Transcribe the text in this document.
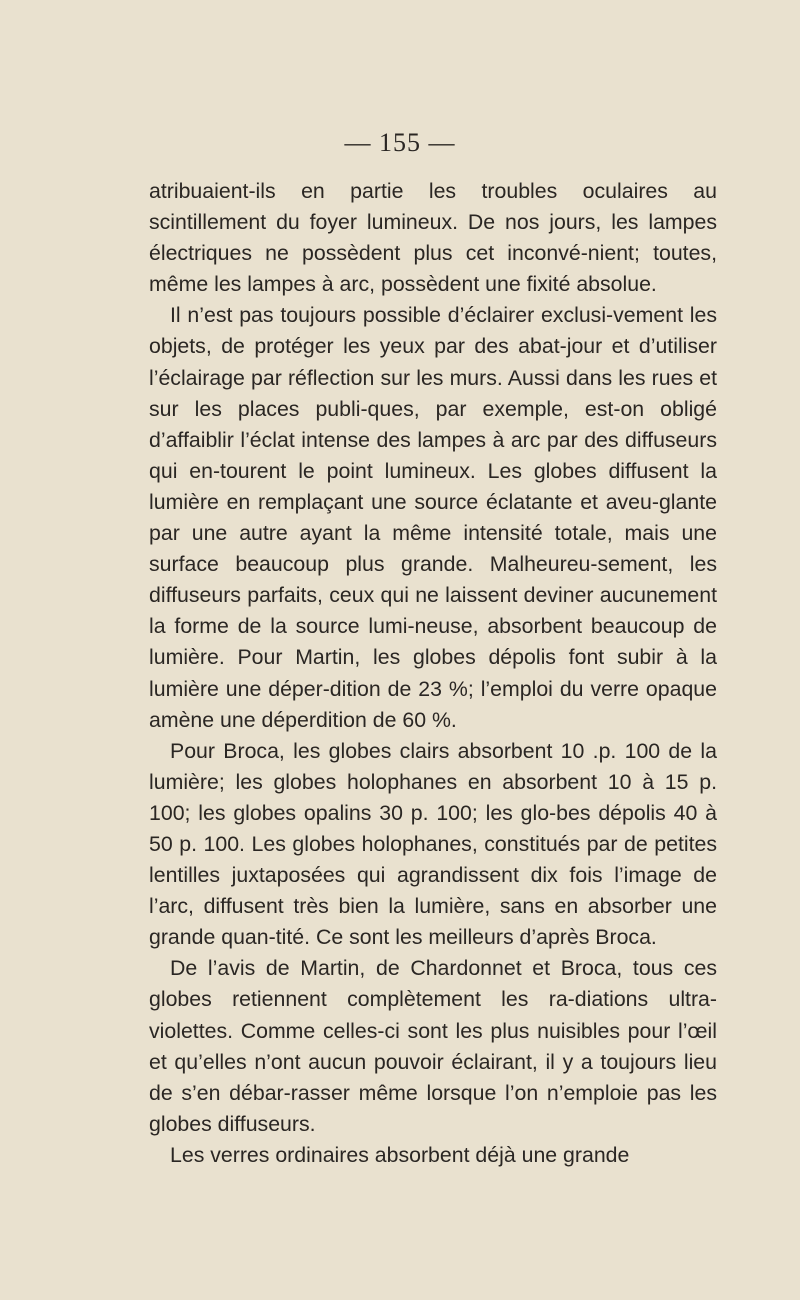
— 155 —

atribuaient-ils en partie les troubles oculaires au scintillement du foyer lumineux. De nos jours, les lampes électriques ne possèdent plus cet inconvé-nient; toutes, même les lampes à arc, possèdent une fixité absolue.

Il n’est pas toujours possible d’éclairer exclusi-vement les objets, de protéger les yeux par des abat-jour et d’utiliser l’éclairage par réflection sur les murs. Aussi dans les rues et sur les places publi-ques, par exemple, est-on obligé d’affaiblir l’éclat intense des lampes à arc par des diffuseurs qui en-tourent le point lumineux. Les globes diffusent la lumière en remplaçant une source éclatante et aveu-glante par une autre ayant la même intensité totale, mais une surface beaucoup plus grande. Malheureu-sement, les diffuseurs parfaits, ceux qui ne laissent deviner aucunement la forme de la source lumi-neuse, absorbent beaucoup de lumière. Pour Martin, les globes dépolis font subir à la lumière une déper-dition de 23 %; l’emploi du verre opaque amène une déperdition de 60 %.

Pour Broca, les globes clairs absorbent 10 .p. 100 de la lumière; les globes holophanes en absorbent 10 à 15 p. 100; les globes opalins 30 p. 100; les glo-bes dépolis 40 à 50 p. 100. Les globes holophanes, constitués par de petites lentilles juxtaposées qui agrandissent dix fois l’image de l’arc, diffusent très bien la lumière, sans en absorber une grande quan-tité. Ce sont les meilleurs d’après Broca.

De l’avis de Martin, de Chardonnet et Broca, tous ces globes retiennent complètement les ra-diations ultra-violettes. Comme celles-ci sont les plus nuisibles pour l’œil et qu’elles n’ont aucun pouvoir éclairant, il y a toujours lieu de s’en débar-rasser même lorsque l’on n’emploie pas les globes diffuseurs.

Les verres ordinaires absorbent déjà une grande
